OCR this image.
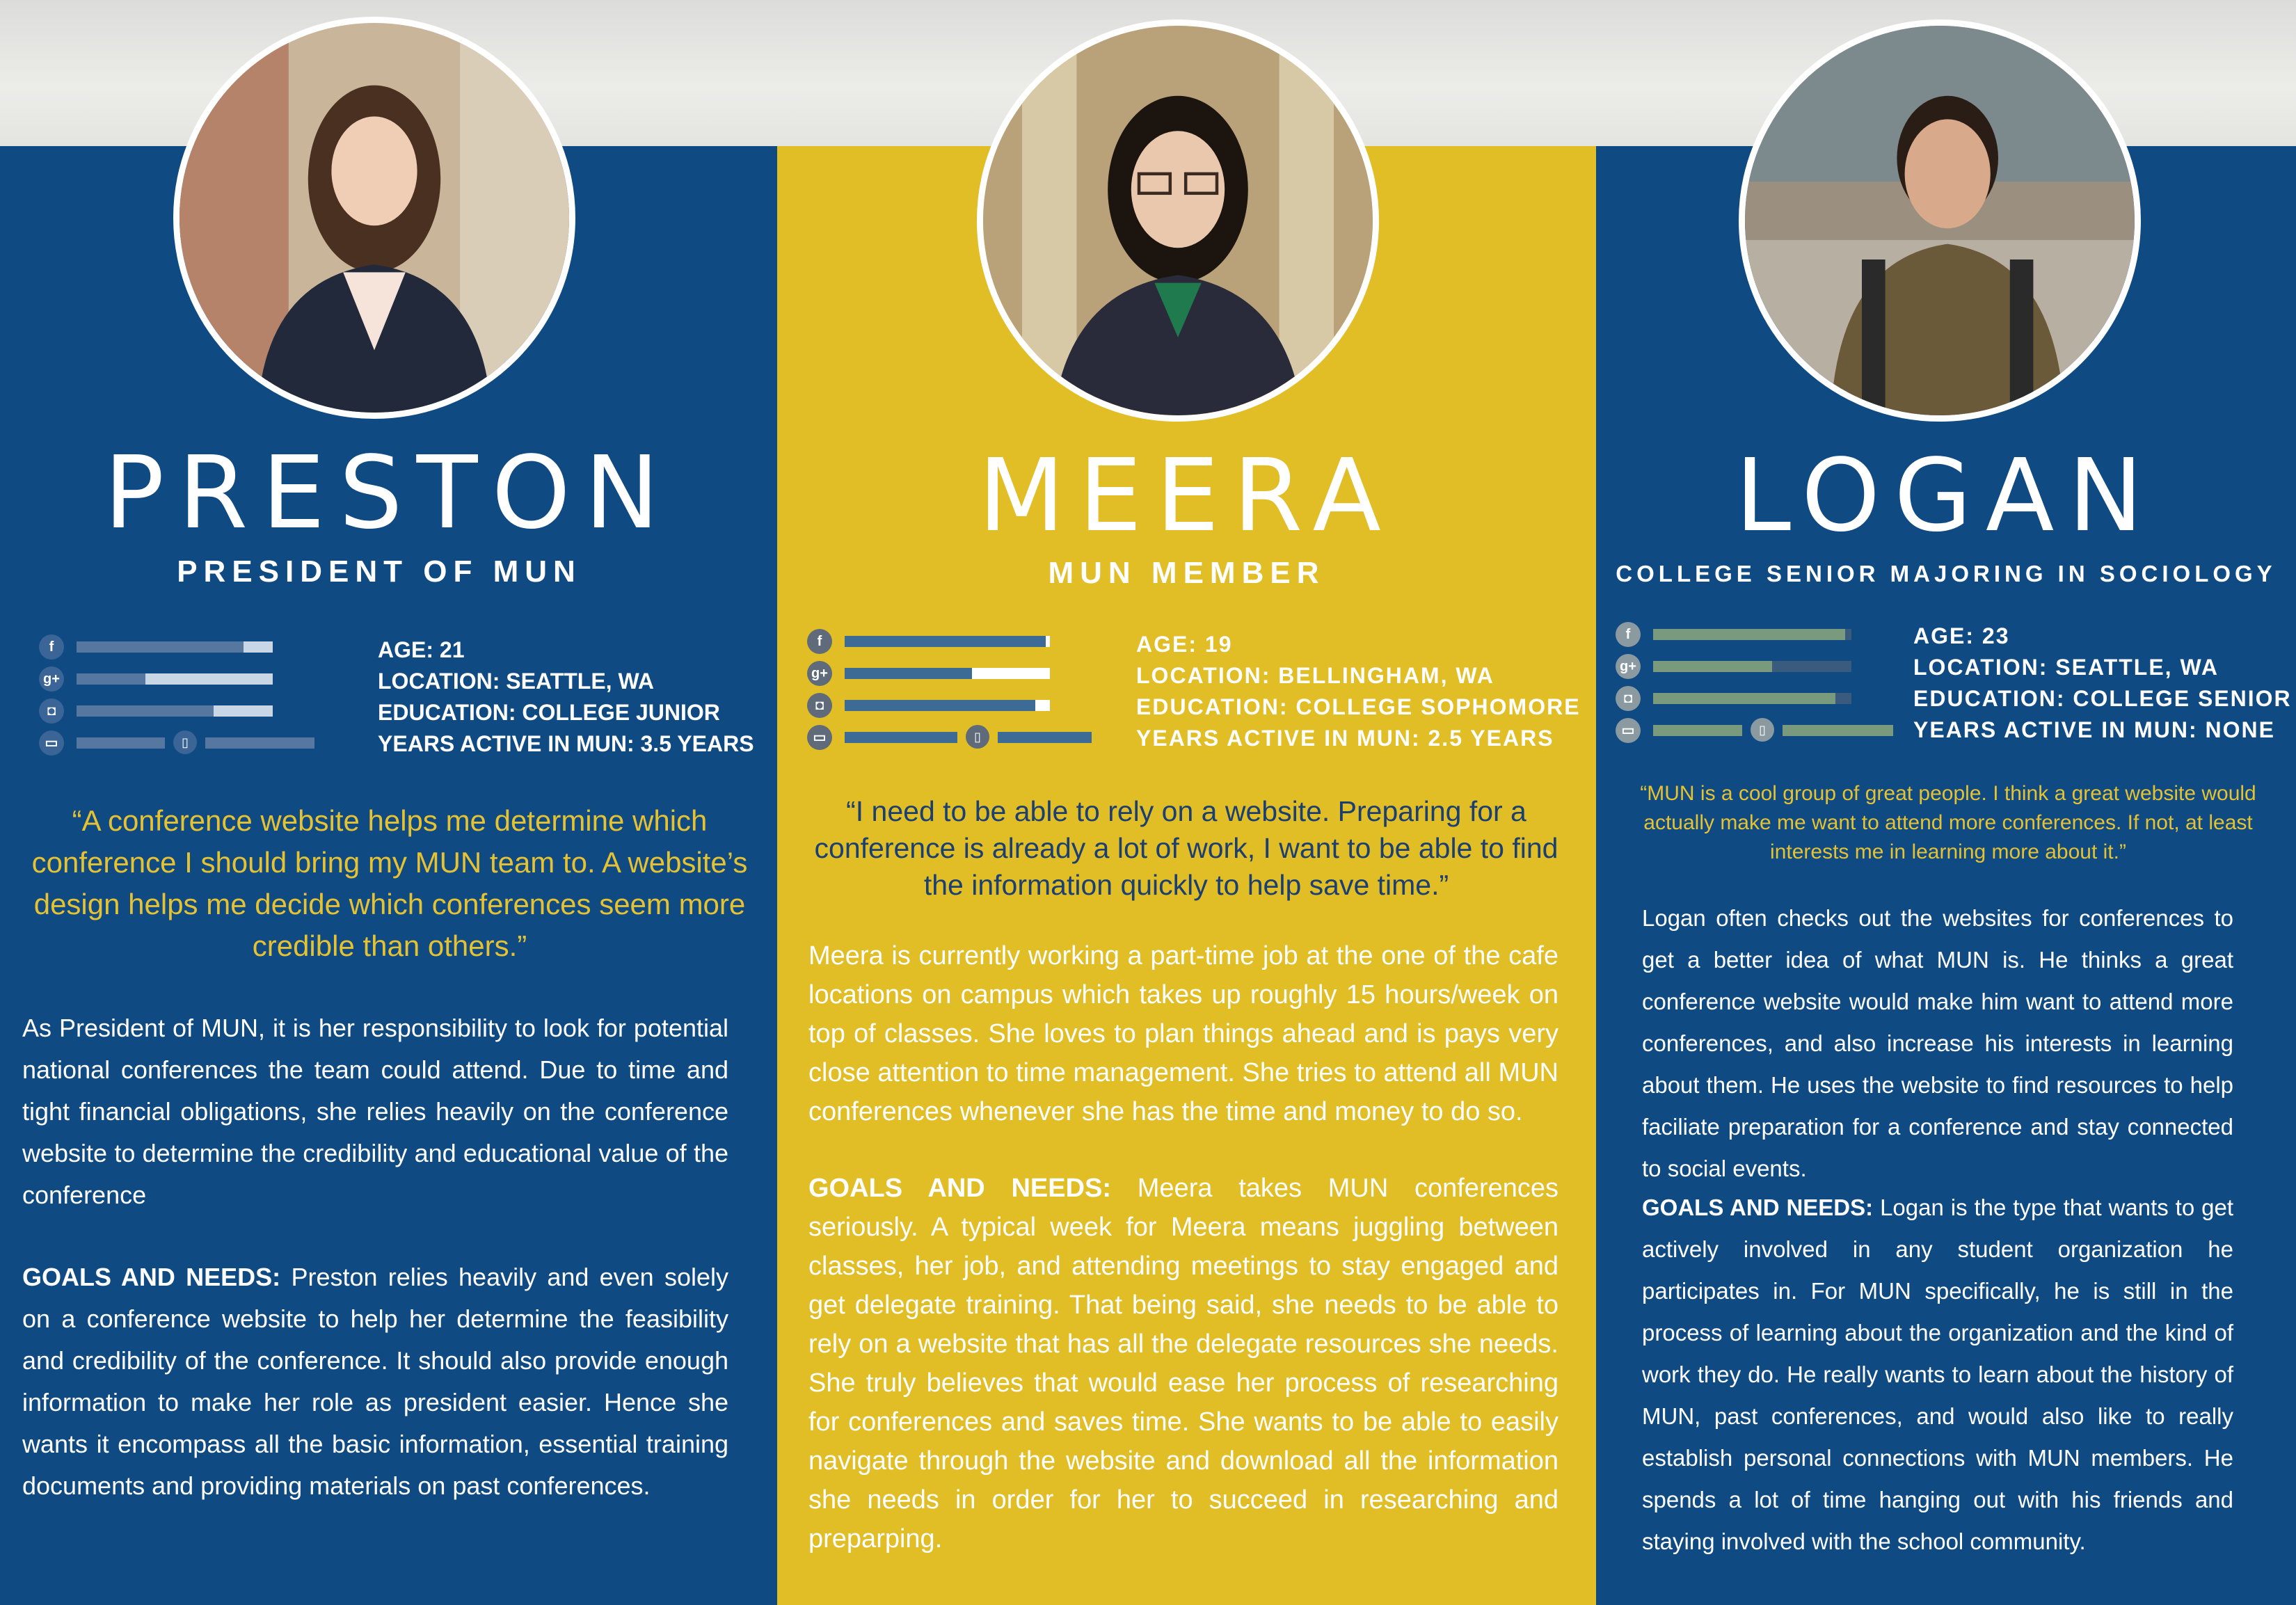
PRESTON	MEERA	LOGAN
PRESIDENT OF MUN	MUN MEMBER	COLLEGE SENIOR MAJORING IN SOCIOLOGY
f
g+
◘
▭	▯
f
g+
◘
▭	▯
f
g+
◘
▭	▯
AGE: 21
LOCATION: SEATTLE, WA
EDUCATION: COLLEGE JUNIOR
YEARS ACTIVE IN MUN: 3.5 YEARS
AGE: 19
LOCATION: BELLINGHAM, WA
EDUCATION: COLLEGE SOPHOMORE
YEARS ACTIVE IN MUN: 2.5 YEARS
AGE: 23
LOCATION: SEATTLE, WA
EDUCATION: COLLEGE SENIOR
YEARS ACTIVE IN MUN: NONE
“A conference website helps me determine which conference I should bring my MUN team to. A website’s design helps me decide which conferences seem more credible than others.”
“I need to be able to rely on a website. Preparing for a conference is already a lot of work, I want to be able to find the information quickly to help save time.”
“MUN is a cool group of great people. I think a great website would actually make me want to attend more conferences. If not, at least interests me in learning more about it.”
As President of MUN, it is her responsibility to look for potential national conferences the team could attend. Due to time and tight financial obligations, she relies heavily on the conference website to determine the credibility and educational value of the conference
Meera is currently working a part-time job at the one of the cafe locations on campus which takes up roughly 15 hours/week on top of classes. She loves to plan things ahead and is pays very close attention to time management. She tries to attend all MUN conferences whenever she has the time and money to do so.
Logan often checks out the websites for conferences to get a better idea of what MUN is. He thinks a great conference website would make him want to attend more conferences, and also increase his interests in learning about them. He uses the website to find resources to help faciliate preparation for a conference and stay connected to social events.
GOALS AND NEEDS: Preston relies heavily and even solely on a conference website to help her determine the feasibility and credibility of the conference. It should also provide enough information to make her role as president easier. Hence she wants it encompass all the basic information, essential training documents and providing materials on past conferences.
GOALS AND NEEDS: Meera takes MUN conferences seriously. A typical week for Meera means juggling between classes, her job, and attending meetings to stay engaged and get delegate training. That being said, she needs to be able to rely on a website that has all the delegate resources she needs. She truly believes that would ease her process of researching for conferences and saves time. She wants to be able to easily navigate through the website and download all the information she needs in order for her to succeed in researching and preparping.
GOALS AND NEEDS: Logan is the type that wants to get actively involved in any student organization he participates in. For MUN specifically, he is still in the process of learning about the organization and the kind of work they do. He really wants to learn about the history of MUN, past conferences, and would also like to really establish personal connections with MUN members. He spends a lot of time hanging out with his friends and staying involved with the school community.
